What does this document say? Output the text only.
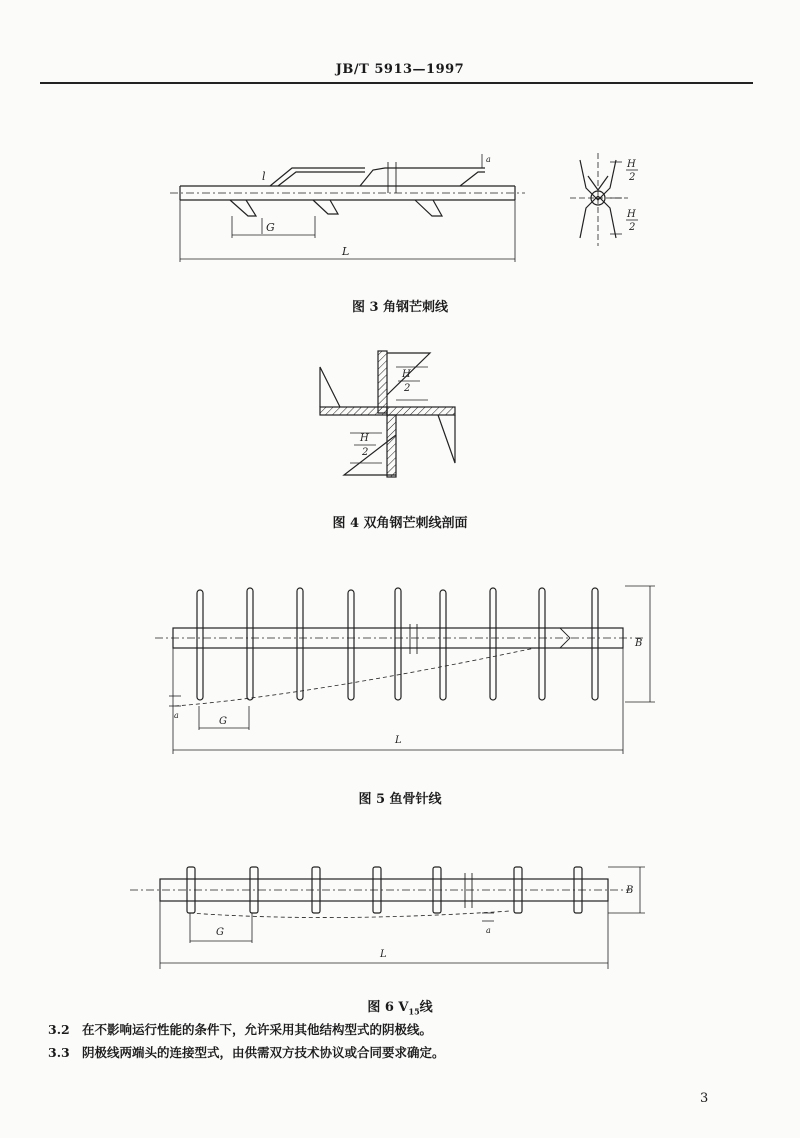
JB/T 5913—1997
G
L
l
a	H
2
H
2
图 3 角钢芒刺线
H
2
H
2
图 4 双角钢芒刺线剖面
G
L
B
a
图 5 鱼骨针线
G
L
B
a
图 6 $V_{15}$线
3.2 在不影响运行性能的条件下，允许采用其他结构型式的阴极线。
3.3 阴极线两端头的连接型式，由供需双方技术协议或合同要求确定。
3
